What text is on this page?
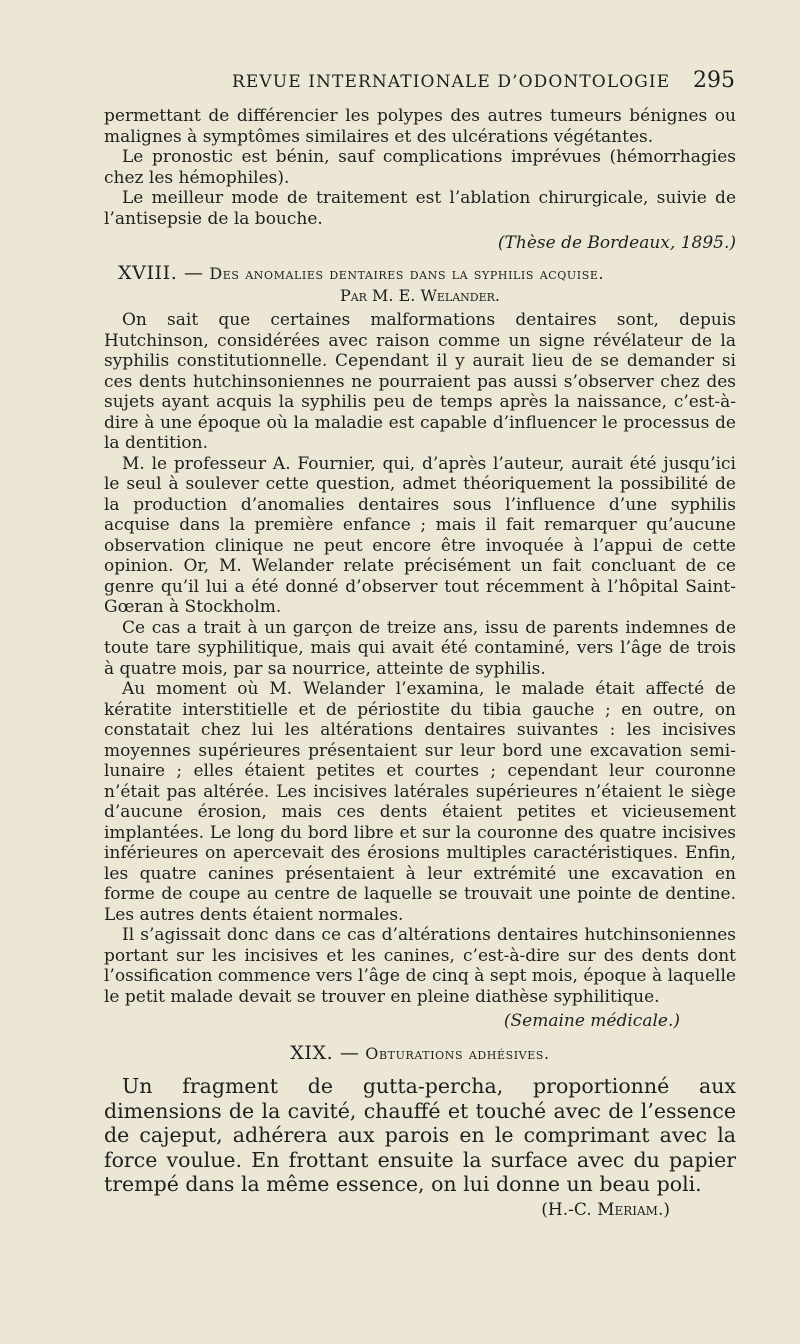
REVUE INTERNATIONALE D’ODONTOLOGIE 295

permettant de différencier les polypes des autres tumeurs bénignes ou malignes à symptômes similaires et des ulcérations végétantes.

Le pronostic est bénin, sauf complications imprévues (hémorrhagies chez les hémophiles).

Le meilleur mode de traitement est l’ablation chirurgicale, suivie de l’antisepsie de la bouche.

(Thèse de Bordeaux, 1895.)
XVIII. — Des anomalies dentaires dans la syphilis acquise.
Par M. E. Welander.

On sait que certaines malformations dentaires sont, depuis Hutchinson, considérées avec raison comme un signe révélateur de la syphilis constitutionnelle. Cependant il y aurait lieu de se demander si ces dents hutchinsoniennes ne pourraient pas aussi s’observer chez des sujets ayant acquis la syphilis peu de temps après la naissance, c’est-à-dire à une époque où la maladie est capable d’influencer le processus de la dentition.

M. le professeur A. Fournier, qui, d’après l’auteur, aurait été jusqu’ici le seul à soulever cette question, admet théoriquement la possibilité de la production d’anomalies dentaires sous l’influence d’une syphilis acquise dans la première enfance ; mais il fait remarquer qu’aucune observation clinique ne peut encore être invoquée à l’appui de cette opinion. Or, M. Welander relate précisément un fait concluant de ce genre qu’il lui a été donné d’observer tout récemment à l’hôpital Saint-Gœran à Stockholm.

Ce cas a trait à un garçon de treize ans, issu de parents indemnes de toute tare syphilitique, mais qui avait été contaminé, vers l’âge de trois à quatre mois, par sa nourrice, atteinte de syphilis.

Au moment où M. Welander l’examina, le malade était affecté de kératite interstitielle et de périostite du tibia gauche ; en outre, on constatait chez lui les altérations dentaires suivantes : les incisives moyennes supérieures présentaient sur leur bord une excavation semi-lunaire ; elles étaient petites et courtes ; cependant leur couronne n’était pas altérée. Les incisives latérales supérieures n’étaient le siège d’aucune érosion, mais ces dents étaient petites et vicieusement implantées. Le long du bord libre et sur la couronne des quatre incisives inférieures on apercevait des érosions multiples caractéristiques. Enfin, les quatre canines présentaient à leur extrémité une excavation en forme de coupe au centre de laquelle se trouvait une pointe de dentine. Les autres dents étaient normales.

Il s’agissait donc dans ce cas d’altérations dentaires hutchinsoniennes portant sur les incisives et les canines, c’est-à-dire sur des dents dont l’ossification commence vers l’âge de cinq à sept mois, époque à laquelle le petit malade devait se trouver en pleine diathèse syphilitique.

(Semaine médicale.)
XIX. — Obturations adhésives.

Un fragment de gutta-percha, proportionné aux dimensions de la cavité, chauffé et touché avec de l’essence de cajeput, adhérera aux parois en le comprimant avec la force voulue. En frottant ensuite la surface avec du papier trempé dans la même essence, on lui donne un beau poli.

(H.-C. Meriam.)
